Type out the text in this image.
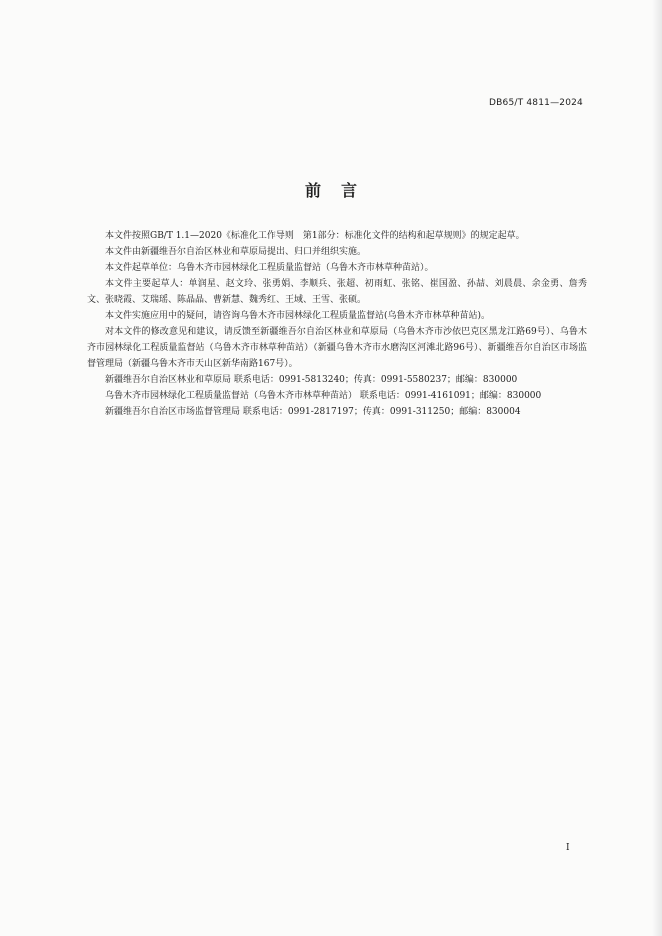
DB65/T 4811—2024
前言

本文件按照GB/T 1.1—2020《标准化工作导则　第1部分：标准化文件的结构和起草规则》的规定起草。

本文件由新疆维吾尔自治区林业和草原局提出、归口并组织实施。

本文件起草单位：乌鲁木齐市园林绿化工程质量监督站（乌鲁木齐市林草种苗站）。

本文件主要起草人：单润星、赵文玲、张勇娟、李顺兵、张超、初雨虹、张铭、崔国盈、孙喆、刘晨晨、余金勇、詹秀文、张晓霞、艾瑞瑶、陈晶晶、曹新慧、魏秀红、王域、王雪、张硕。

本文件实施应用中的疑问，请咨询乌鲁木齐市园林绿化工程质量监督站(乌鲁木齐市林草种苗站)。

对本文件的修改意见和建议，请反馈至新疆维吾尔自治区林业和草原局（乌鲁木齐市沙依巴克区黑龙江路69号）、乌鲁木齐市园林绿化工程质量监督站（乌鲁木齐市林草种苗站）（新疆乌鲁木齐市水磨沟区河滩北路96号）、新疆维吾尔自治区市场监督管理局（新疆乌鲁木齐市天山区新华南路167号）。

新疆维吾尔自治区林业和草原局 联系电话：0991-5813240；传真：0991-5580237；邮编：830000

乌鲁木齐市园林绿化工程质量监督站（乌鲁木齐市林草种苗站） 联系电话：0991-4161091；邮编：830000

新疆维吾尔自治区市场监督管理局 联系电话：0991-2817197；传真：0991-311250；邮编：830004

I
